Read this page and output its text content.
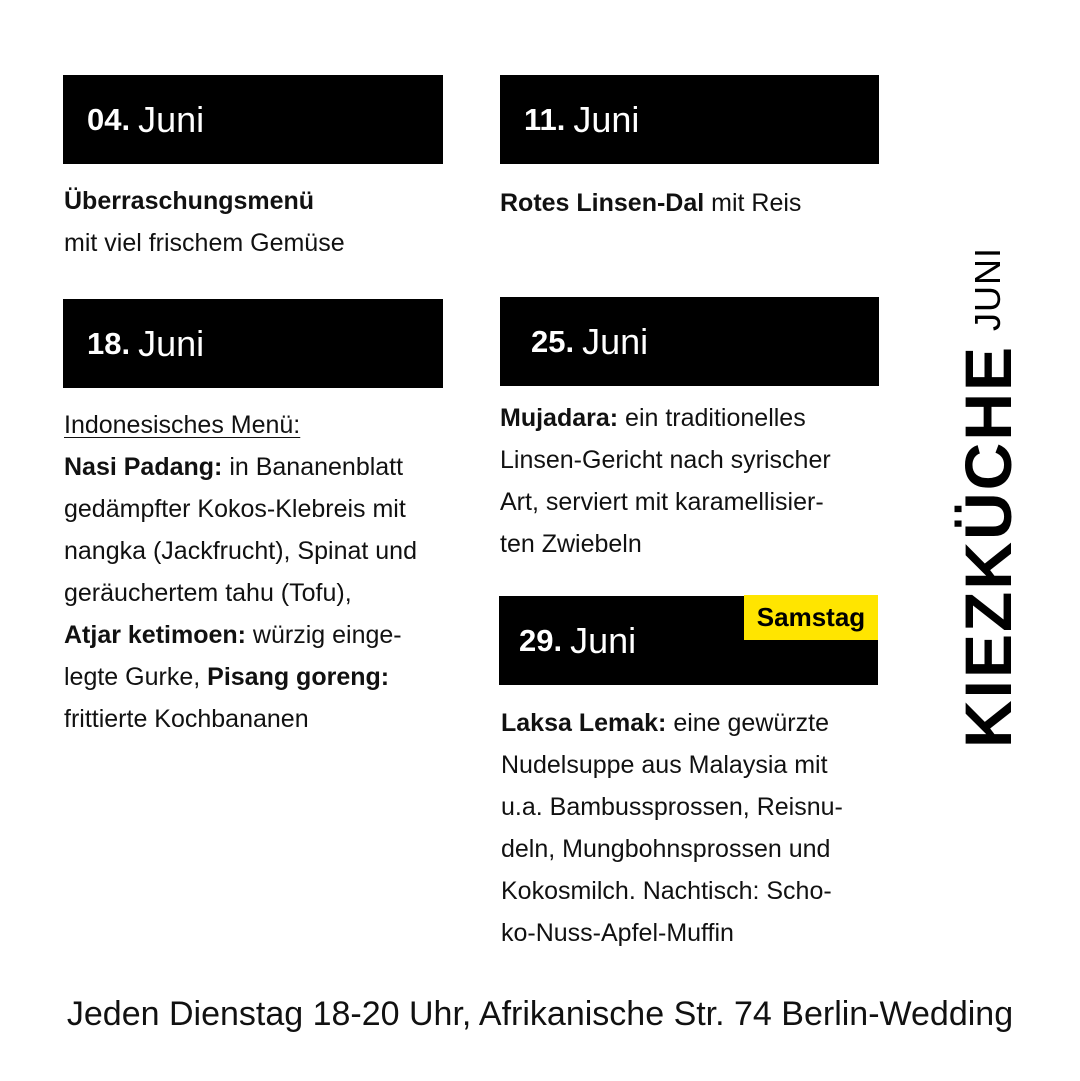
04. Juni
Überraschungsmenü
mit viel frischem Gemüse
11. Juni
Rotes Linsen-Dal mit Reis
18. Juni
Indonesisches Menü:
Nasi Padang: in Bananenblatt
gedämpfter Kokos-Klebreis mit
nangka (Jackfrucht), Spinat und
geräuchertem tahu (Tofu),
Atjar ketimoen: würzig einge-
legte Gurke, Pisang goreng:
frittierte Kochbananen
25. Juni
Mujadara: ein traditionelles
Linsen-Gericht nach syrischer
Art, serviert mit karamellisier-
ten Zwiebeln
29. Juni
Samstag
Laksa Lemak: eine gewürzte
Nudelsuppe aus Malaysia mit
u.a. Bambussprossen, Reisnu-
deln, Mungbohnsprossen und
Kokosmilch. Nachtisch: Scho-
ko-Nuss-Apfel-Muffin
KIEZKÜCHE
JUNI
Jeden Dienstag 18-20 Uhr, Afrikanische Str. 74 Berlin-Wedding
